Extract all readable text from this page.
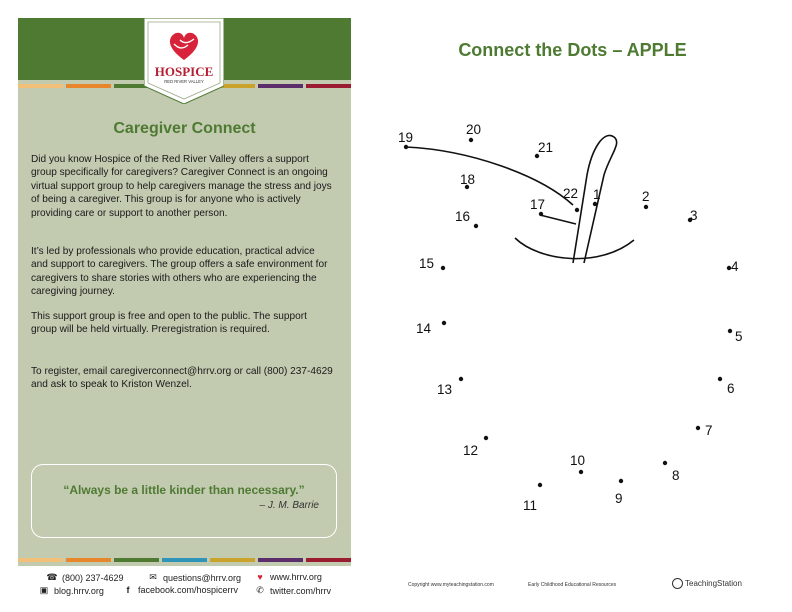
HOSPICE
RED RIVER VALLEY
Caregiver Connect
Did you know Hospice of the Red River Valley offers a support group specifically for caregivers? Caregiver Connect is an ongoing virtual support group to help caregivers manage the stress and joys of being a caregiver. This group is for anyone who is actively providing care or support to another person.
It’s led by professionals who provide education, practical advice and support to caregivers. The group offers a safe environment for caregivers to share stories with others who are experiencing the caregiving journey.
This support group is free and open to the public. The support group will be held virtually. Preregistration is required.
To register, email caregiverconnect@hrrv.org or call (800) 237-4629 and ask to speak to Kriston Wenzel.
“Always be a little kinder than necessary.”
– J. M. Barrie
☎ (800) 237-4629	✉ questions@hrrv.org	♥ www.hrrv.org
▣ blog.hrrv.org	f facebook.com/hospicerrv ✆ twitter.com/hrrv
Connect the Dots – APPLE
1	2
3
4
5
6
7
8
9
10
11
12
13
14
15
16
17
18
19
20
21
22
Copyright www.myteachingstation.com	Early Childhood Educational Resources	TeachingStation
